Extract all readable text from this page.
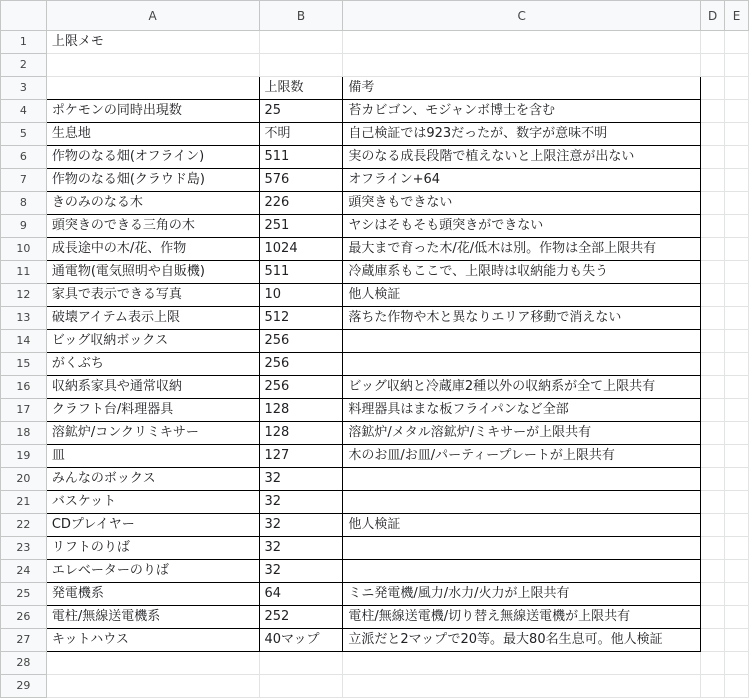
	A	B	C	D	E
1	上限メモ				
2					
3		上限数	備考		
4	ポケモンの同時出現数	25	苔カビゴン、モジャンボ博士を含む		
5	生息地	不明	自己検証では923だったが、数字が意味不明		
6	作物のなる畑(オフライン)	511	実のなる成長段階で植えないと上限注意が出ない		
7	作物のなる畑(クラウド島)	576	オフライン+64		
8	きのみのなる木	226	頭突きもできない		
9	頭突きのできる三角の木	251	ヤシはそもそも頭突きができない		
10	成長途中の木/花、作物	1024	最大まで育った木/花/低木は別。作物は全部上限共有		
11	通電物(電気照明や自販機)	511	冷蔵庫系もここで、上限時は収納能力も失う		
12	家具で表示できる写真	10	他人検証		
13	破壊アイテム表示上限	512	落ちた作物や木と異なりエリア移動で消えない		
14	ビッグ収納ボックス	256			
15	がくぶち	256			
16	収納系家具や通常収納	256	ビッグ収納と冷蔵庫2種以外の収納系が全て上限共有		
17	クラフト台/料理器具	128	料理器具はまな板フライパンなど全部		
18	溶鉱炉/コンクリミキサー	128	溶鉱炉/メタル溶鉱炉/ミキサーが上限共有		
19	皿	127	木のお皿/お皿/パーティープレートが上限共有		
20	みんなのボックス	32			
21	バスケット	32			
22	CDプレイヤー	32	他人検証		
23	リフトのりば	32			
24	エレベーターのりば	32			
25	発電機系	64	ミニ発電機/風力/水力/火力が上限共有		
26	電柱/無線送電機系	252	電柱/無線送電機/切り替え無線送電機が上限共有		
27	キットハウス	40マップ	立派だと2マップで20等。最大80名生息可。他人検証		
28					
29					
